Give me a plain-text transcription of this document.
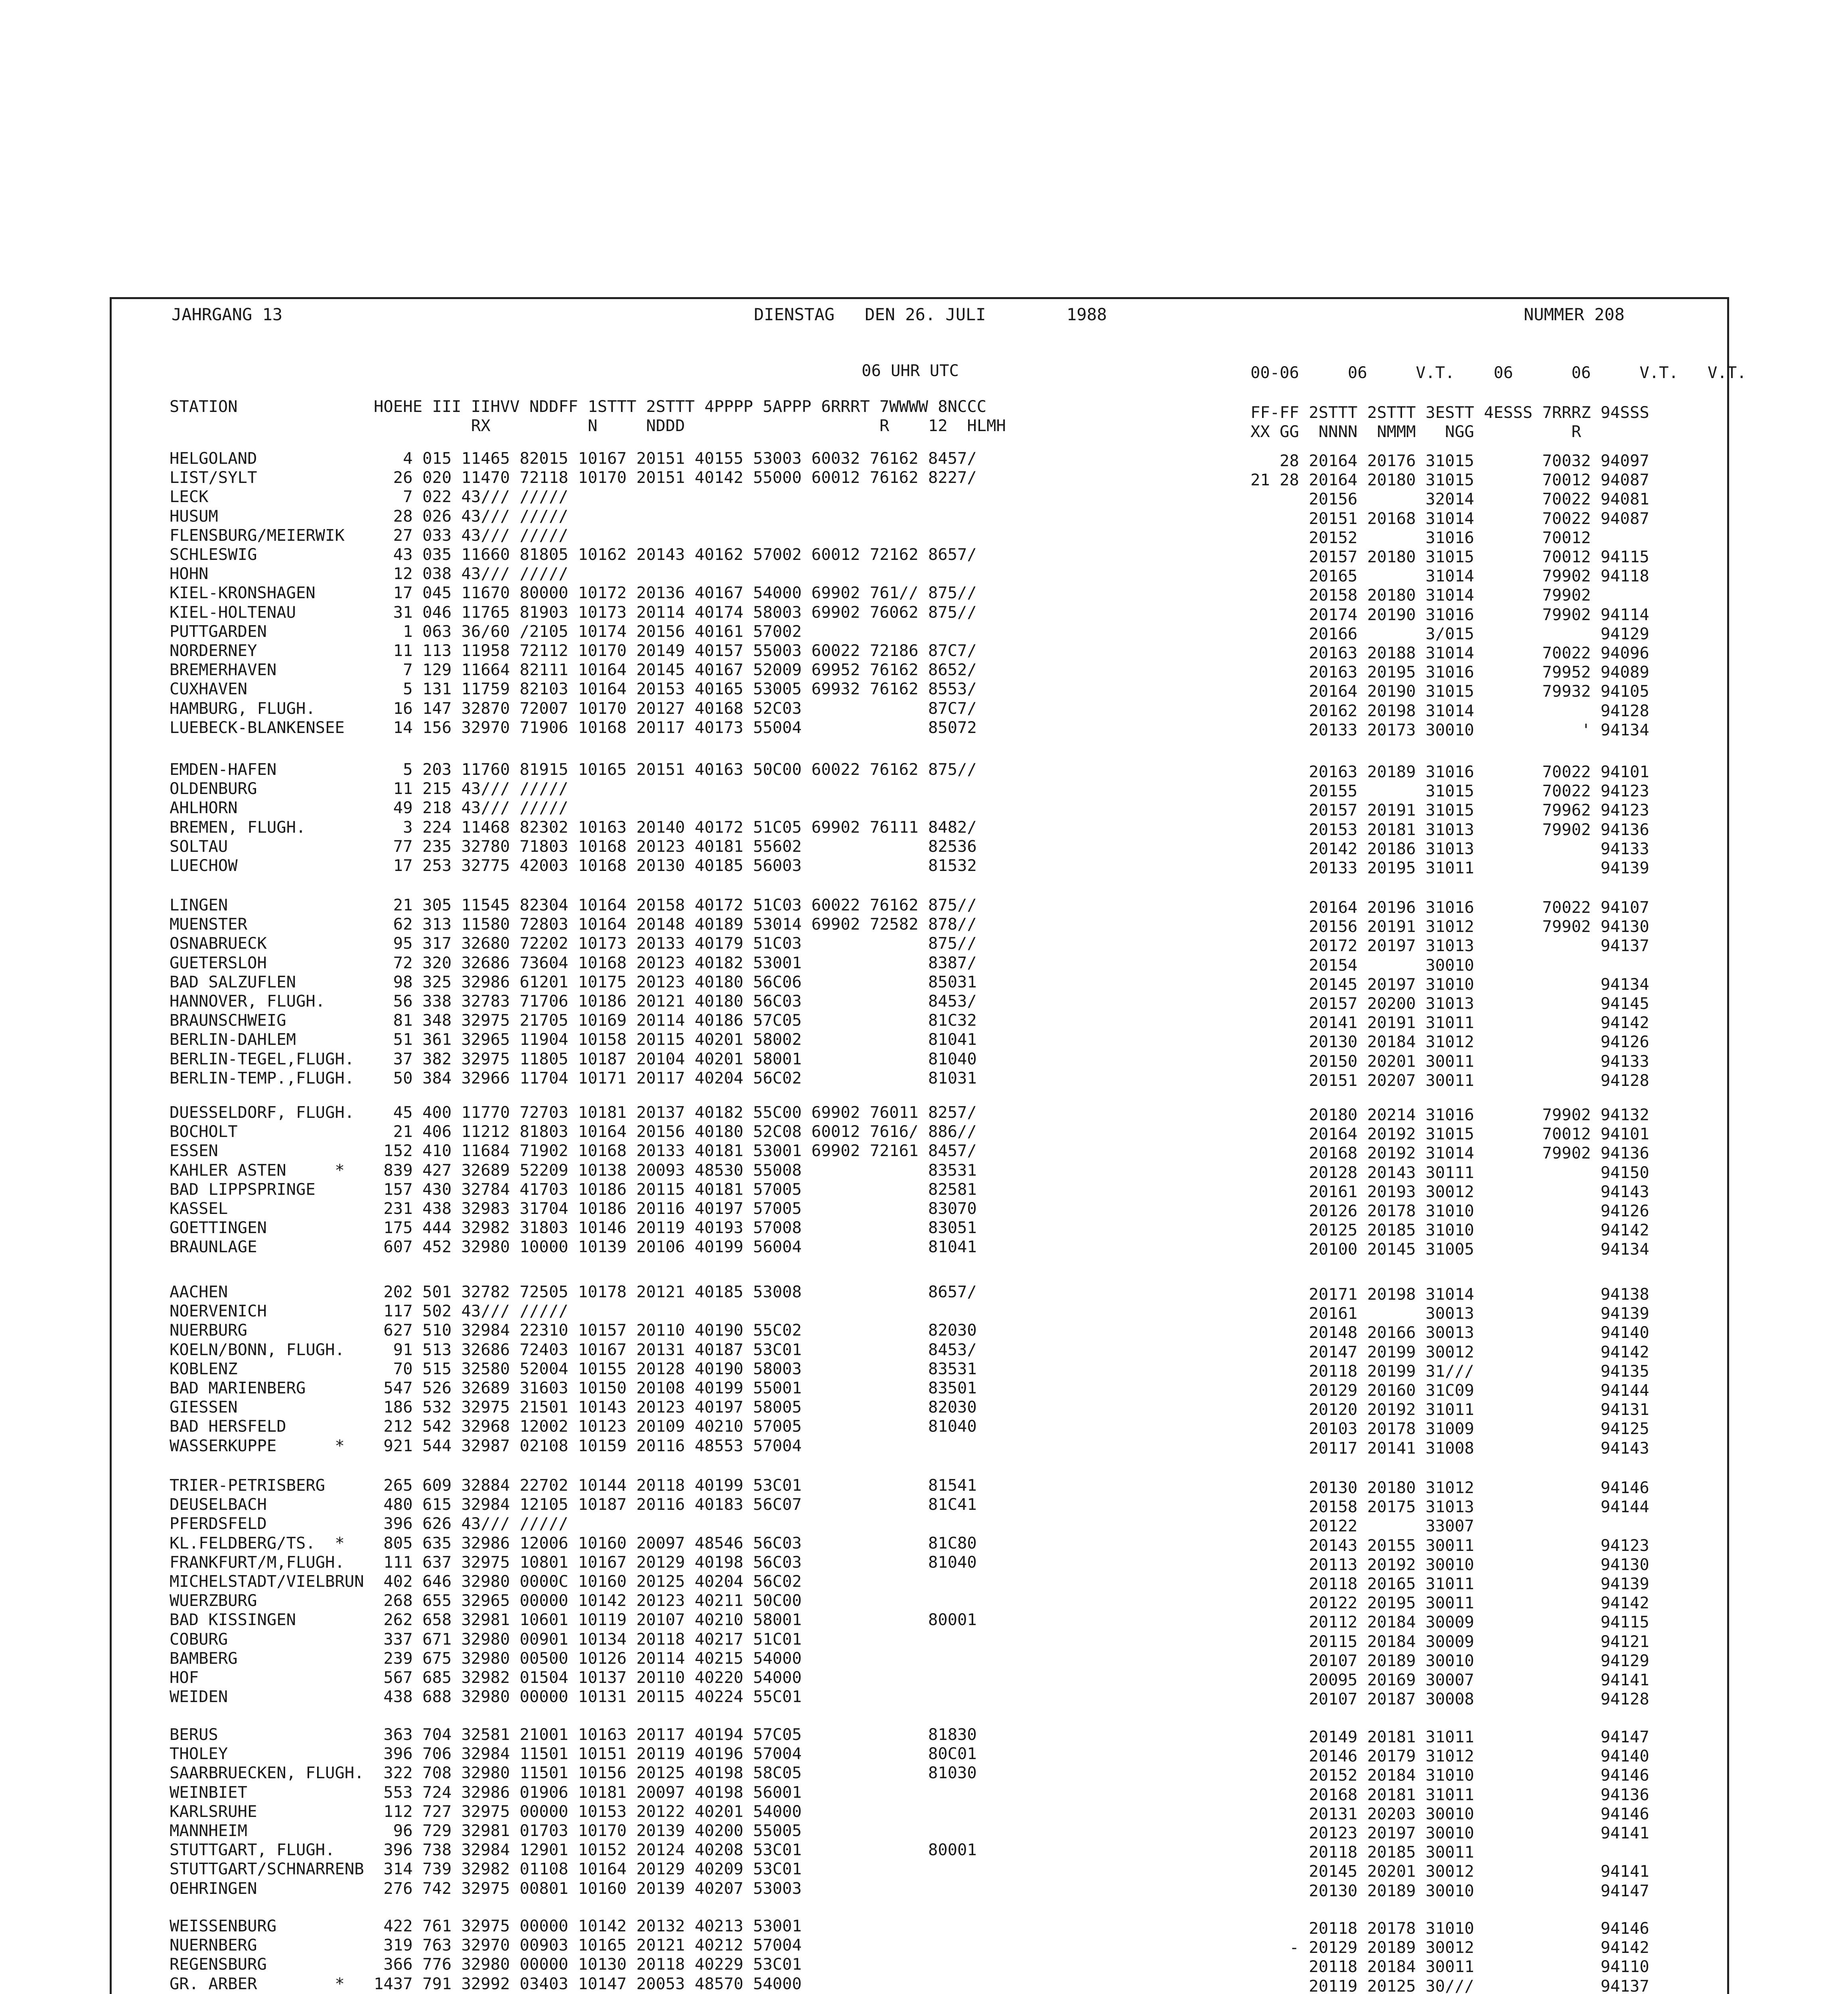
JAHRGANG 13	DIENSTAG   DEN 26. JULI        1988	NUMMER 208
06 UHR UTC	00-06     06     V.T.    06      06     V.T.   V.T.
STATION              HOEHE III IIHVV NDDFF 1STTT 2STTT 4PPPP 5APPP 6RRRT 7WWWW 8NCCC
RX          N     NDDD                    R    12  HLMH
FF-FF 2STTT 2STTT 3ESTT 4ESSS 7RRRZ 94SSS
XX GG  NNNN  NMMM   NGG          R
HELGOLAND               4 015 11465 82015 10167 20151 40155 53003 60032 76162 8457/	28 20164 20176 31015       70032 94097
LIST/SYLT              26 020 11470 72118 10170 20151 40142 55000 60012 76162 8227/	21 28 20164 20180 31015       70012 94087
LECK                    7 022 43/// /////	20156       32014       70022 94081
HUSUM                  28 026 43/// /////	20151 20168 31014       70022 94087
FLENSBURG/MEIERWIK     27 033 43/// /////	20152       31016       70012
SCHLESWIG              43 035 11660 81805 10162 20143 40162 57002 60012 72162 8657/	20157 20180 31015       70012 94115
HOHN                   12 038 43/// /////	20165       31014       79902 94118
KIEL-KRONSHAGEN        17 045 11670 80000 10172 20136 40167 54000 69902 761// 875//	20158 20180 31014       79902
KIEL-HOLTENAU          31 046 11765 81903 10173 20114 40174 58003 69902 76062 875//	20174 20190 31016       79902 94114
PUTTGARDEN              1 063 36/60 /2105 10174 20156 40161 57002	20166       3/015             94129
NORDERNEY              11 113 11958 72112 10170 20149 40157 55003 60022 72186 87C7/	20163 20188 31014       70022 94096
BREMERHAVEN             7 129 11664 82111 10164 20145 40167 52009 69952 76162 8652/	20163 20195 31016       79952 94089
CUXHAVEN                5 131 11759 82103 10164 20153 40165 53005 69932 76162 8553/	20164 20190 31015       79932 94105
HAMBURG, FLUGH.        16 147 32870 72007 10170 20127 40168 52C03             87C7/	20162 20198 31014             94128
LUEBECK-BLANKENSEE     14 156 32970 71906 10168 20117 40173 55004             85072	20133 20173 30010           ' 94134
EMDEN-HAFEN             5 203 11760 81915 10165 20151 40163 50C00 60022 76162 875//	20163 20189 31016       70022 94101
OLDENBURG              11 215 43/// /////	20155       31015       70022 94123
AHLHORN                49 218 43/// /////	20157 20191 31015       79962 94123
BREMEN, FLUGH.          3 224 11468 82302 10163 20140 40172 51C05 69902 76111 8482/	20153 20181 31013       79902 94136
SOLTAU                 77 235 32780 71803 10168 20123 40181 55602             82536	20142 20186 31013             94133
LUECHOW                17 253 32775 42003 10168 20130 40185 56003             81532	20133 20195 31011             94139
LINGEN                 21 305 11545 82304 10164 20158 40172 51C03 60022 76162 875//	20164 20196 31016       70022 94107
MUENSTER               62 313 11580 72803 10164 20148 40189 53014 69902 72582 878//	20156 20191 31012       79902 94130
OSNABRUECK             95 317 32680 72202 10173 20133 40179 51C03             875//	20172 20197 31013             94137
GUETERSLOH             72 320 32686 73604 10168 20123 40182 53001             8387/	20154       30010
BAD SALZUFLEN          98 325 32986 61201 10175 20123 40180 56C06             85031	20145 20197 31010             94134
HANNOVER, FLUGH.       56 338 32783 71706 10186 20121 40180 56C03             8453/	20157 20200 31013             94145
BRAUNSCHWEIG           81 348 32975 21705 10169 20114 40186 57C05             81C32	20141 20191 31011             94142
BERLIN-DAHLEM          51 361 32965 11904 10158 20115 40201 58002             81041	20130 20184 31012             94126
BERLIN-TEGEL,FLUGH.    37 382 32975 11805 10187 20104 40201 58001             81040	20150 20201 30011             94133
BERLIN-TEMP.,FLUGH.    50 384 32966 11704 10171 20117 40204 56C02             81031	20151 20207 30011             94128
DUESSELDORF, FLUGH.    45 400 11770 72703 10181 20137 40182 55C00 69902 76011 8257/	20180 20214 31016       79902 94132
BOCHOLT                21 406 11212 81803 10164 20156 40180 52C08 60012 7616/ 886//	20164 20192 31015       70012 94101
ESSEN                 152 410 11684 71902 10168 20133 40181 53001 69902 72161 8457/	20168 20192 31014       79902 94136
KAHLER ASTEN     *    839 427 32689 52209 10138 20093 48530 55008             83531	20128 20143 30111             94150
BAD LIPPSPRINGE       157 430 32784 41703 10186 20115 40181 57005             82581	20161 20193 30012             94143
KASSEL                231 438 32983 31704 10186 20116 40197 57005             83070	20126 20178 31010             94126
GOETTINGEN            175 444 32982 31803 10146 20119 40193 57008             83051	20125 20185 31010             94142
BRAUNLAGE             607 452 32980 10000 10139 20106 40199 56004             81041	20100 20145 31005             94134
AACHEN                202 501 32782 72505 10178 20121 40185 53008             8657/	20171 20198 31014             94138
NOERVENICH            117 502 43/// /////	20161       30013             94139
NUERBURG              627 510 32984 22310 10157 20110 40190 55C02             82030	20148 20166 30013             94140
KOELN/BONN, FLUGH.     91 513 32686 72403 10167 20131 40187 53C01             8453/	20147 20199 30012             94142
KOBLENZ                70 515 32580 52004 10155 20128 40190 58003             83531	20118 20199 31///             94135
BAD MARIENBERG        547 526 32689 31603 10150 20108 40199 55001             83501	20129 20160 31C09             94144
GIESSEN               186 532 32975 21501 10143 20123 40197 58005             82030	20120 20192 31011             94131
BAD HERSFELD          212 542 32968 12002 10123 20109 40210 57005             81040	20103 20178 31009             94125
WASSERKUPPE      *    921 544 32987 02108 10159 20116 48553 57004	20117 20141 31008             94143
TRIER-PETRISBERG      265 609 32884 22702 10144 20118 40199 53C01             81541	20130 20180 31012             94146
DEUSELBACH            480 615 32984 12105 10187 20116 40183 56C07             81C41	20158 20175 31013             94144
PFERDSFELD            396 626 43/// /////	20122       33007
KL.FELDBERG/TS.  *    805 635 32986 12006 10160 20097 48546 56C03             81C80	20143 20155 30011             94123
FRANKFURT/M,FLUGH.    111 637 32975 10801 10167 20129 40198 56C03             81040	20113 20192 30010             94130
MICHELSTADT/VIELBRUN  402 646 32980 0000C 10160 20125 40204 56C02	20118 20165 31011             94139
WUERZBURG             268 655 32965 00000 10142 20123 40211 50C00	20122 20195 30011             94142
BAD KISSINGEN         262 658 32981 10601 10119 20107 40210 58001             80001	20112 20184 30009             94115
COBURG                337 671 32980 00901 10134 20118 40217 51C01	20115 20184 30009             94121
BAMBERG               239 675 32980 00500 10126 20114 40215 54000	20107 20189 30010             94129
HOF                   567 685 32982 01504 10137 20110 40220 54000	20095 20169 30007             94141
WEIDEN                438 688 32980 00000 10131 20115 40224 55C01	20107 20187 30008             94128
BERUS                 363 704 32581 21001 10163 20117 40194 57C05             81830	20149 20181 31011             94147
THOLEY                396 706 32984 11501 10151 20119 40196 57004             80C01	20146 20179 31012             94140
SAARBRUECKEN, FLUGH.  322 708 32980 11501 10156 20125 40198 58C05             81030	20152 20184 31010             94146
WEINBIET              553 724 32986 01906 10181 20097 40198 56001	20168 20181 31011             94136
KARLSRUHE             112 727 32975 00000 10153 20122 40201 54000	20131 20203 30010             94146
MANNHEIM               96 729 32981 01703 10170 20139 40200 55005	20123 20197 30010             94141
STUTTGART, FLUGH.     396 738 32984 12901 10152 20124 40208 53C01             80001	20118 20185 30011
STUTTGART/SCHNARRENB  314 739 32982 01108 10164 20129 40209 53C01	20145 20201 30012             94141
OEHRINGEN             276 742 32975 00801 10160 20139 40207 53003	20130 20189 30010             94147
WEISSENBURG           422 761 32975 00000 10142 20132 40213 53001	20118 20178 31010             94146
NUERNBERG             319 763 32970 00903 10165 20121 40212 57004	- 20129 20189 30012             94142
REGENSBURG            366 776 32980 00000 10130 20118 40229 53C01	20118 20184 30011             94110
GR. ARBER        *   1437 791 32992 03403 10147 20053 48570 54000	20119 20125 30///             94137
